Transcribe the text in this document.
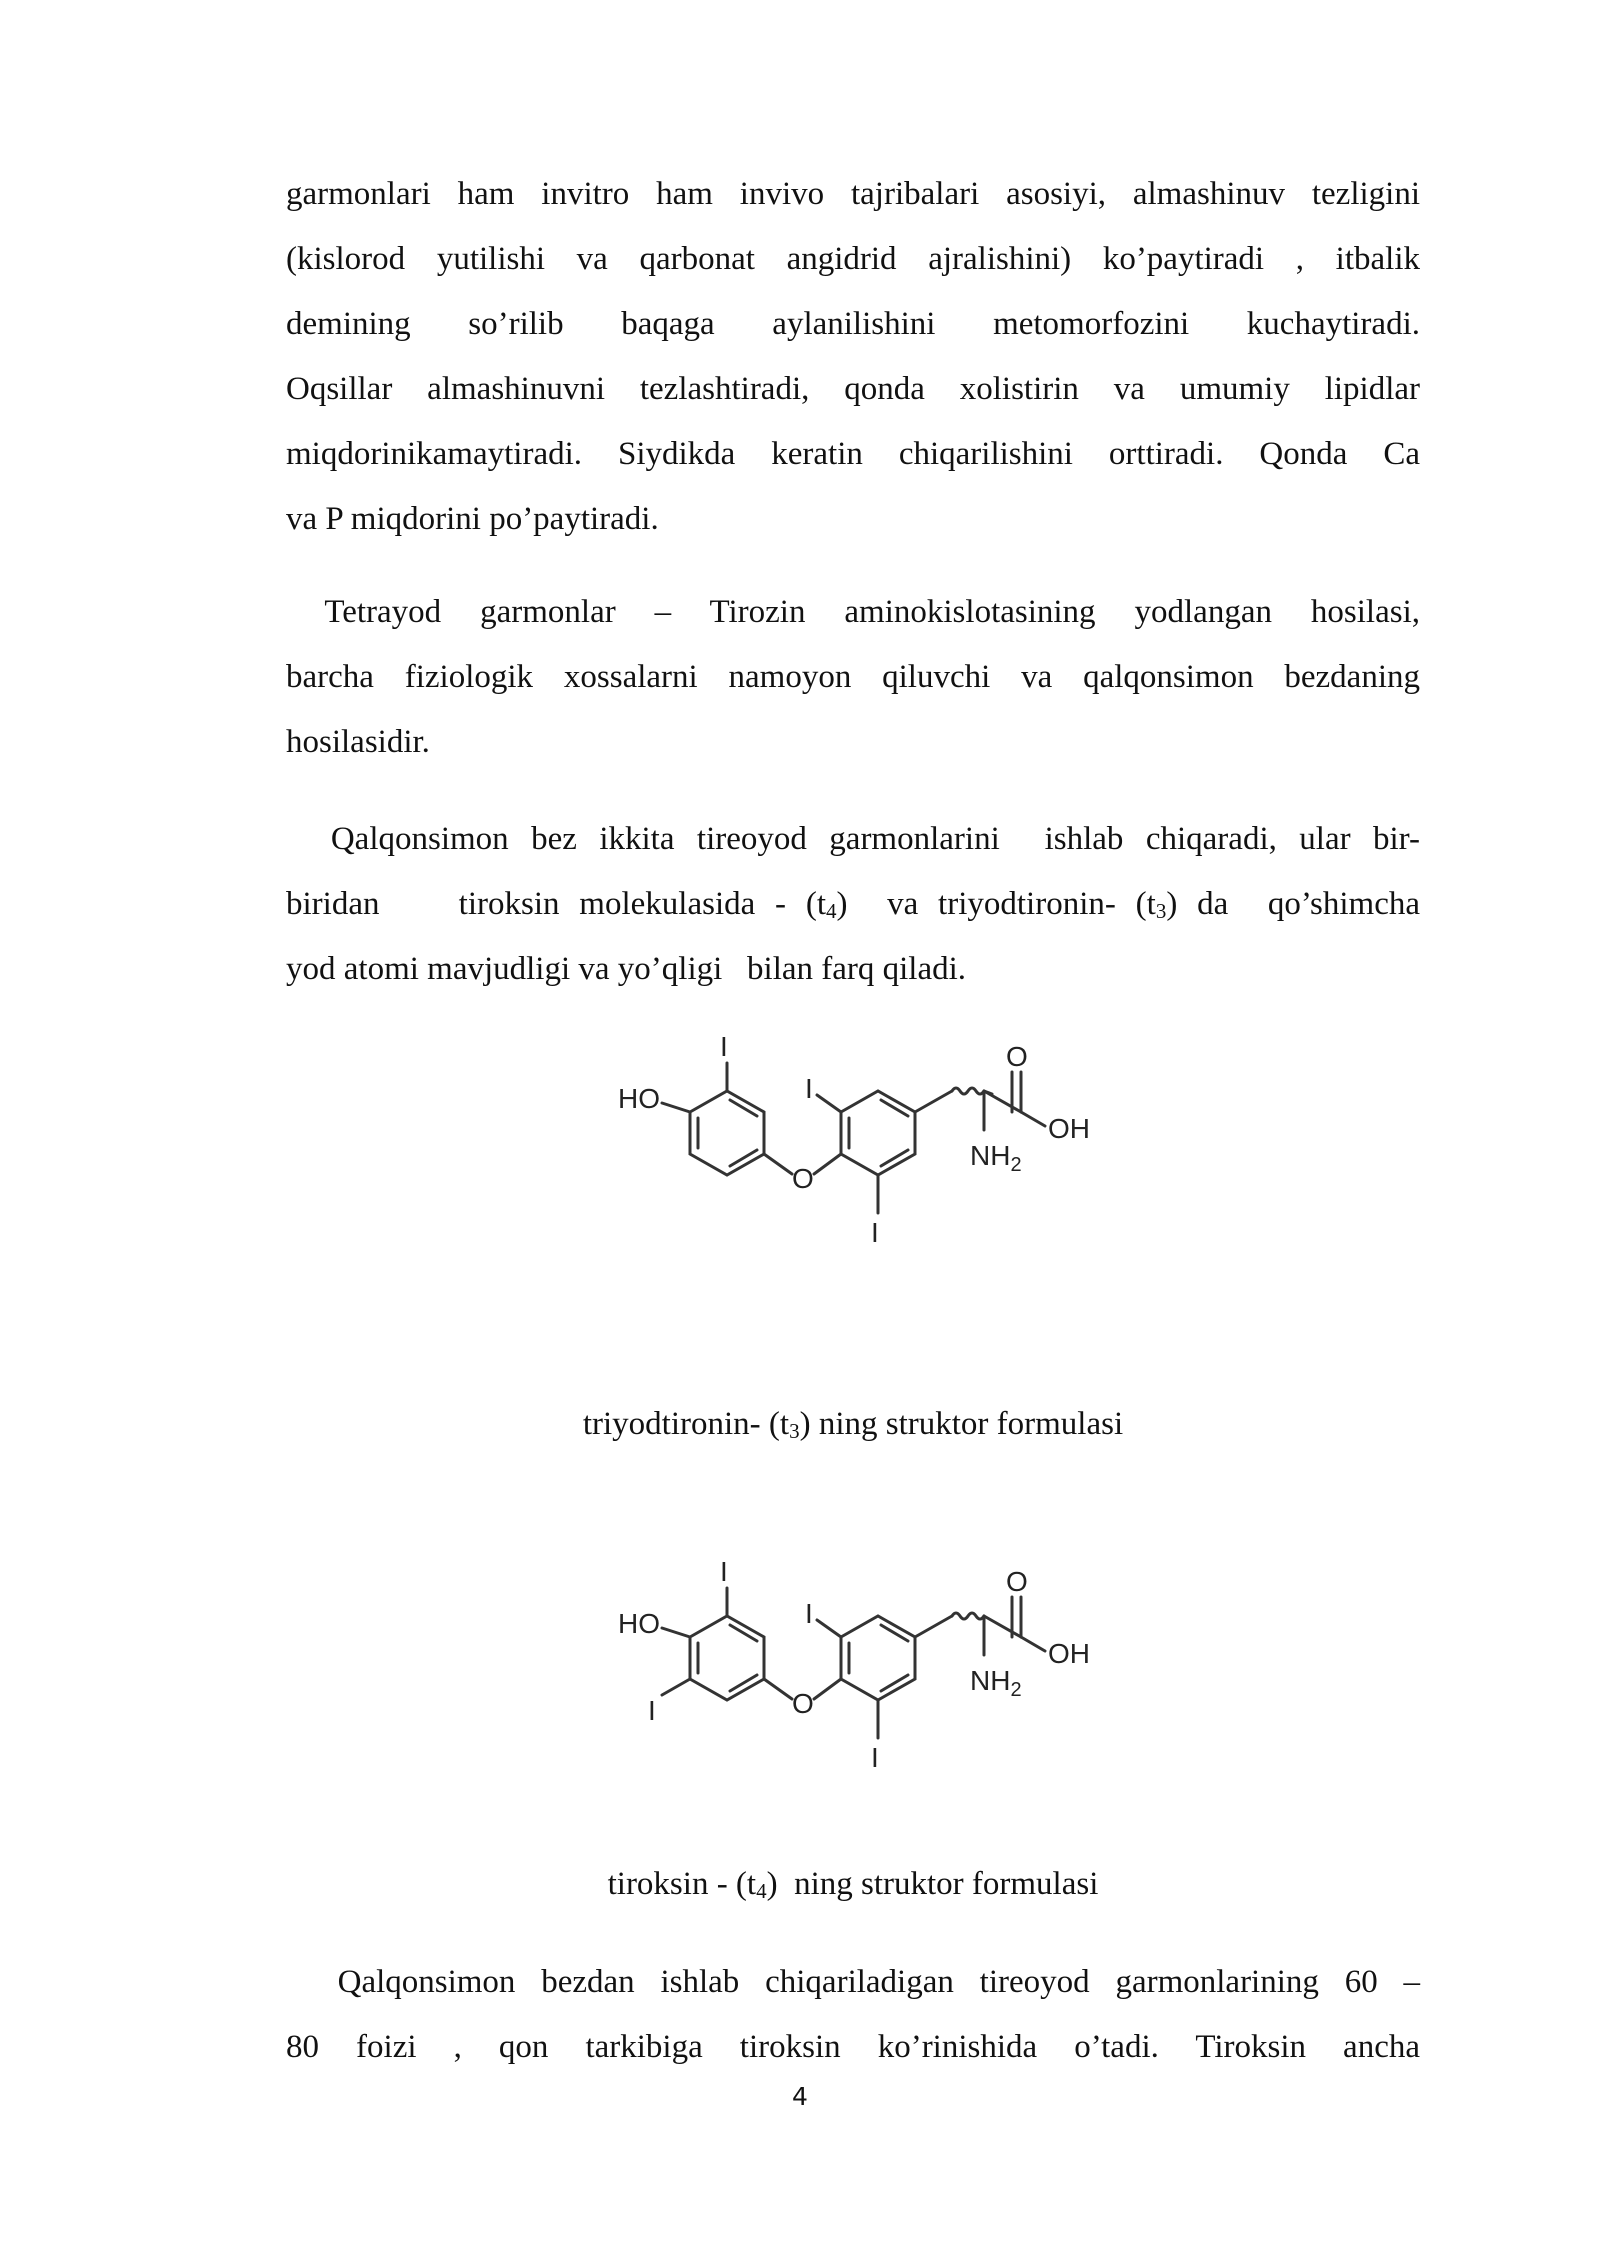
garmonlari ham invitro ham invivo tajribalari asosiyi, almashinuv tezligini
(kislorod yutilishi va qarbonat angidrid ajralishini) ko’paytiradi , itbalik
demining so’rilib baqaga aylanilishini metomorfozini kuchaytiradi.
Oqsillar almashinuvni tezlashtiradi, qonda xolistirin va umumiy lipidlar
miqdorinikamaytiradi. Siydikda keratin chiqarilishini orttiradi. Qonda Ca
va P miqdorini po’paytiradi.
Tetrayod  garmonlar  –  Tirozin  aminokislotasining  yodlangan  hosilasi,
barcha fiziologik xossalarni namoyon qiluvchi va qalqonsimon bezdaning
hosilasidir.
Qalqonsimon bez ikkita tireoyod garmonlarini  ishlab chiqaradi, ular bir-
biridan    tiroksin molekulasida - $(t_4)$  va triyodtironin- $(t_3)$ da  qo’shimcha
yod atomi mavjudligi va yo’qligi   bilan farq qiladi.
I
HO
O
I
I
O
OH
$NH_2$
triyodtironin- $(t_3)$ ning struktor formulasi
I
HO
I	O
I
I
O
OH
$NH_2$
tiroksin - $(t_4)$  ning struktor formulasi
Qalqonsimon bezdan ishlab chiqariladigan tireoyod garmonlarining 60 –
80 foizi , qon tarkibiga tiroksin ko’rinishida o’tadi. Tiroksin ancha
4
